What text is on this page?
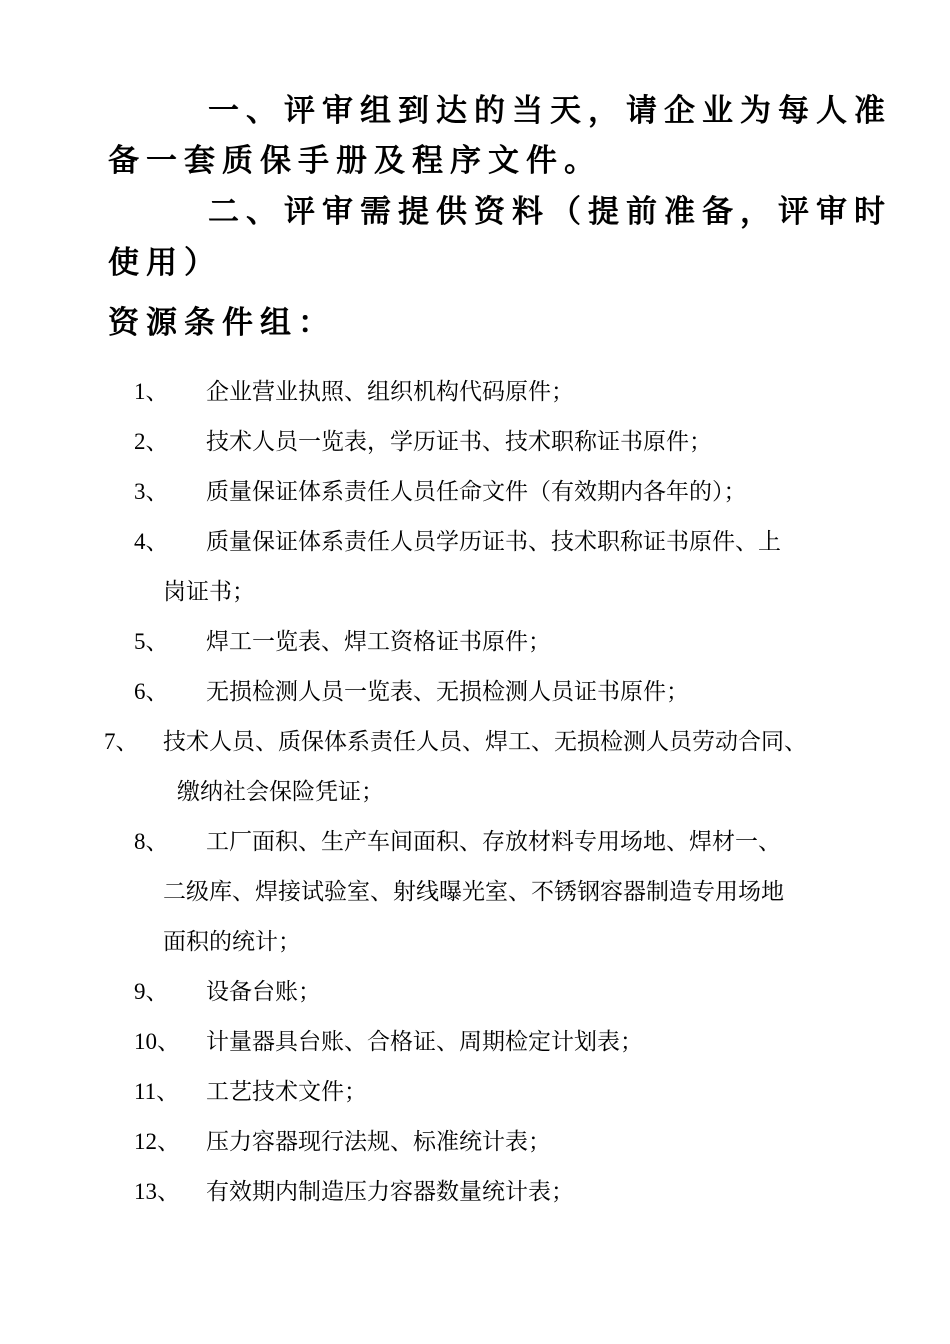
一、评审组到达的当天，请企业为每人准
备一套质保手册及程序文件。
二、评审需提供资料（提前准备，评审时
使用）
资源条件组：
1、 企业营业执照、组织机构代码原件；
2、 技术人员一览表，学历证书、技术职称证书原件；
3、 质量保证体系责任人员任命文件（有效期内各年的）；
4、 质量保证体系责任人员学历证书、技术职称证书原件、上
岗证书；
5、 焊工一览表、焊工资格证书原件；
6、 无损检测人员一览表、无损检测人员证书原件；
7、 技术人员、质保体系责任人员、焊工、无损检测人员劳动合同、
缴纳社会保险凭证；
8、 工厂面积、生产车间面积、存放材料专用场地、焊材一、
二级库、焊接试验室、射线曝光室、不锈钢容器制造专用场地
面积的统计；
9、 设备台账；
10、 计量器具台账、合格证、周期检定计划表；
11、 工艺技术文件；
12、 压力容器现行法规、标准统计表；
13、 有效期内制造压力容器数量统计表；
